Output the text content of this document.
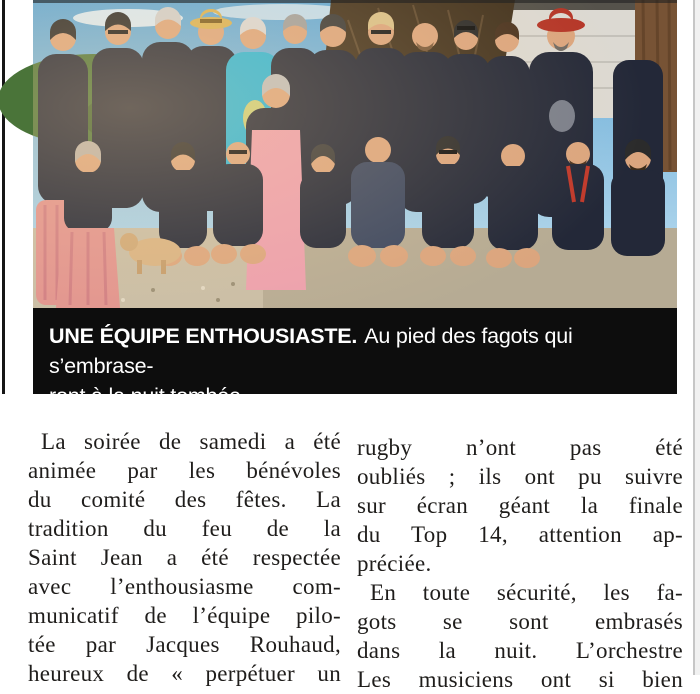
UNE ÉQUIPE ENTHOUSIASTE. Au pied des fagots qui s’embrase-
ront à la nuit tombée.
La soirée de samedi a été
animée par les bénévoles
du comité des fêtes. La
tradition du feu de la
Saint Jean a été respectée
avec l’enthousiasme com-
municatif de l’équipe pilo-
tée par Jacques Rouhaud,
heureux de « perpétuer un
rugby n’ont pas été
oubliés ; ils ont pu suivre
sur écran géant la finale
du Top 14, attention ap-
préciée.
En toute sécurité, les fa-
gots se sont embrasés
dans la nuit. L’orchestre
Les musiciens ont si bien
